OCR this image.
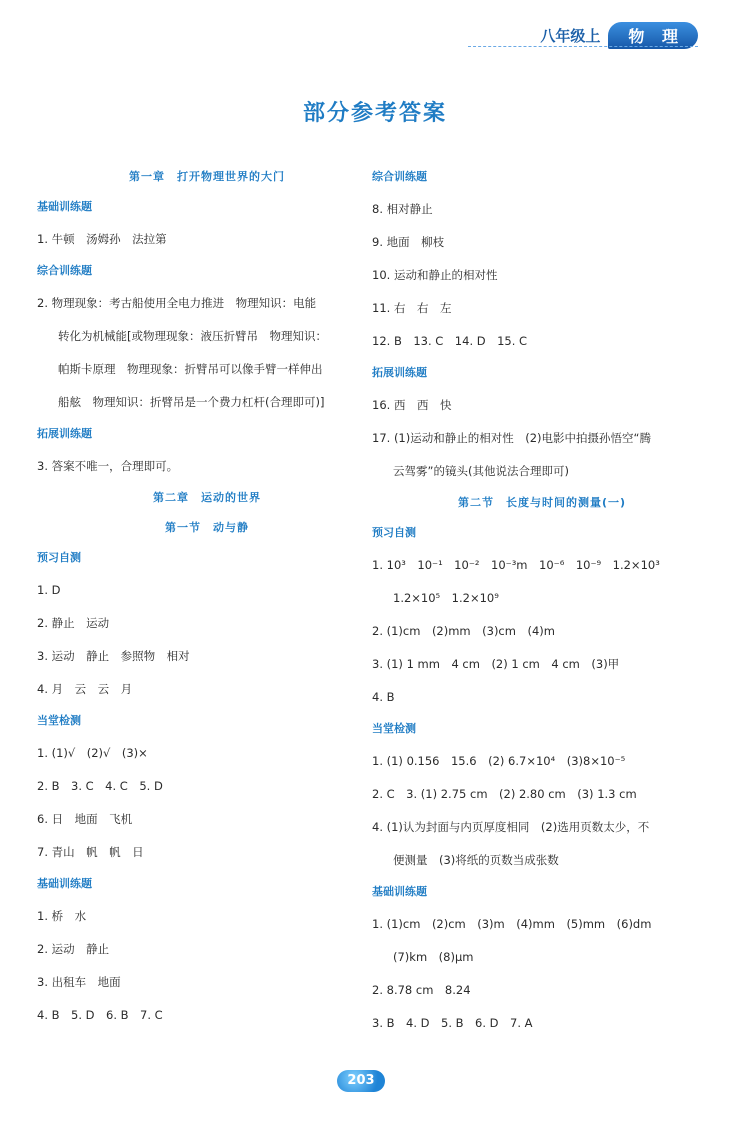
八年级上	物 理
部分参考答案
第一章　打开物理世界的大门
基础训练题
1. 牛顿　汤姆孙　法拉第
综合训练题
2. 物理现象：考古船使用全电力推进　物理知识：电能
转化为机械能[或物理现象：液压折臂吊　物理知识：
帕斯卡原理　物理现象：折臂吊可以像手臂一样伸出
船舷　物理知识：折臂吊是一个费力杠杆(合理即可)]
拓展训练题
3. 答案不唯一，合理即可。
第二章　运动的世界
第一节　动与静
预习自测
1. D
2. 静止　运动
3. 运动　静止　参照物　相对
4. 月　云　云　月
当堂检测
1. (1)√　(2)√　(3)×
2. B　3. C　4. C　5. D
6. 日　地面　飞机
7. 青山　帆　帆　日
基础训练题
1. 桥　水
2. 运动　静止
3. 出租车　地面
4. B　5. D　6. B　7. C
综合训练题
8. 相对静止
9. 地面　柳枝
10. 运动和静止的相对性
11. 右　右　左
12. B　13. C　14. D　15. C
拓展训练题
16. 西　西　快
17. (1)运动和静止的相对性　(2)电影中拍摄孙悟空“腾
云驾雾”的镜头(其他说法合理即可)
第二节　长度与时间的测量(一)
预习自测
1. 10³　10⁻¹　10⁻²　10⁻³m　10⁻⁶　10⁻⁹　1.2×10³
1.2×10⁵　1.2×10⁹
2. (1)cm　(2)mm　(3)cm　(4)m
3. (1) 1 mm　4 cm　(2) 1 cm　4 cm　(3)甲
4. B
当堂检测
1. (1) 0.156　15.6　(2) 6.7×10⁴　(3)8×10⁻⁵
2. C　3. (1) 2.75 cm　(2) 2.80 cm　(3) 1.3 cm
4. (1)认为封面与内页厚度相同　(2)选用页数太少，不
便测量　(3)将纸的页数当成张数
基础训练题
1. (1)cm　(2)cm　(3)m　(4)mm　(5)mm　(6)dm
(7)km　(8)μm
2. 8.78 cm　8.24
3. B　4. D　5. B　6. D　7. A
203
